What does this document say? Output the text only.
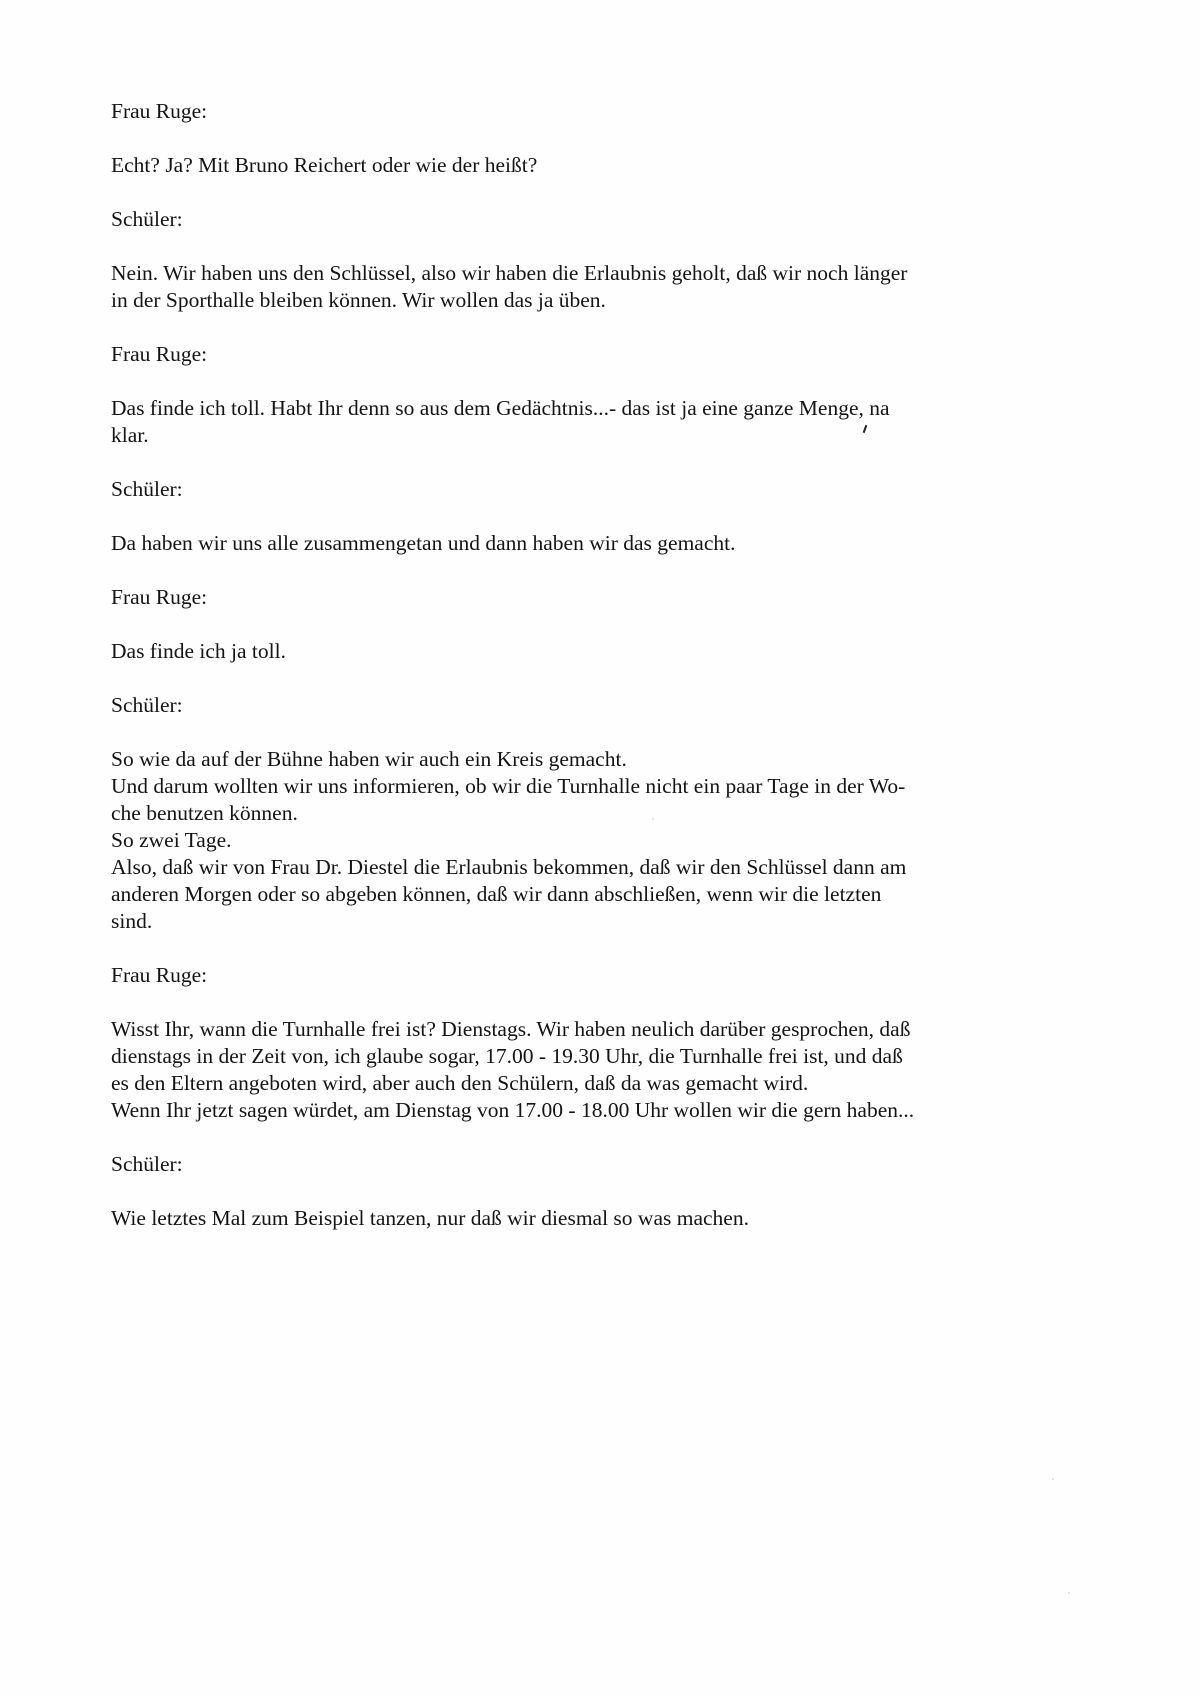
Frau Ruge:
Echt? Ja? Mit Bruno Reichert oder wie der heißt?
Schüler:
Nein. Wir haben uns den Schlüssel, also wir haben die Erlaubnis geholt, daß wir noch länger
in der Sporthalle bleiben können. Wir wollen das ja üben.
Frau Ruge:
Das finde ich toll. Habt Ihr denn so aus dem Gedächtnis...- das ist ja eine ganze Menge, na
klar.
Schüler:
Da haben wir uns alle zusammengetan und dann haben wir das gemacht.
Frau Ruge:
Das finde ich ja toll.
Schüler:
So wie da auf der Bühne haben wir auch ein Kreis gemacht.
Und darum wollten wir uns informieren, ob wir die Turnhalle nicht ein paar Tage in der Wo-
che benutzen können.
So zwei Tage.
Also, daß wir von Frau Dr. Diestel die Erlaubnis bekommen, daß wir den Schlüssel dann am
anderen Morgen oder so abgeben können, daß wir dann abschließen, wenn wir die letzten
sind.
Frau Ruge:
Wisst Ihr, wann die Turnhalle frei ist? Dienstags. Wir haben neulich darüber gesprochen, daß
dienstags in der Zeit von, ich glaube sogar, 17.00 - 19.30 Uhr, die Turnhalle frei ist, und daß
es den Eltern angeboten wird, aber auch den Schülern, daß da was gemacht wird.
Wenn Ihr jetzt sagen würdet, am Dienstag von 17.00 - 18.00 Uhr wollen wir die gern haben...
Schüler:
Wie letztes Mal zum Beispiel tanzen, nur daß wir diesmal so was machen.
